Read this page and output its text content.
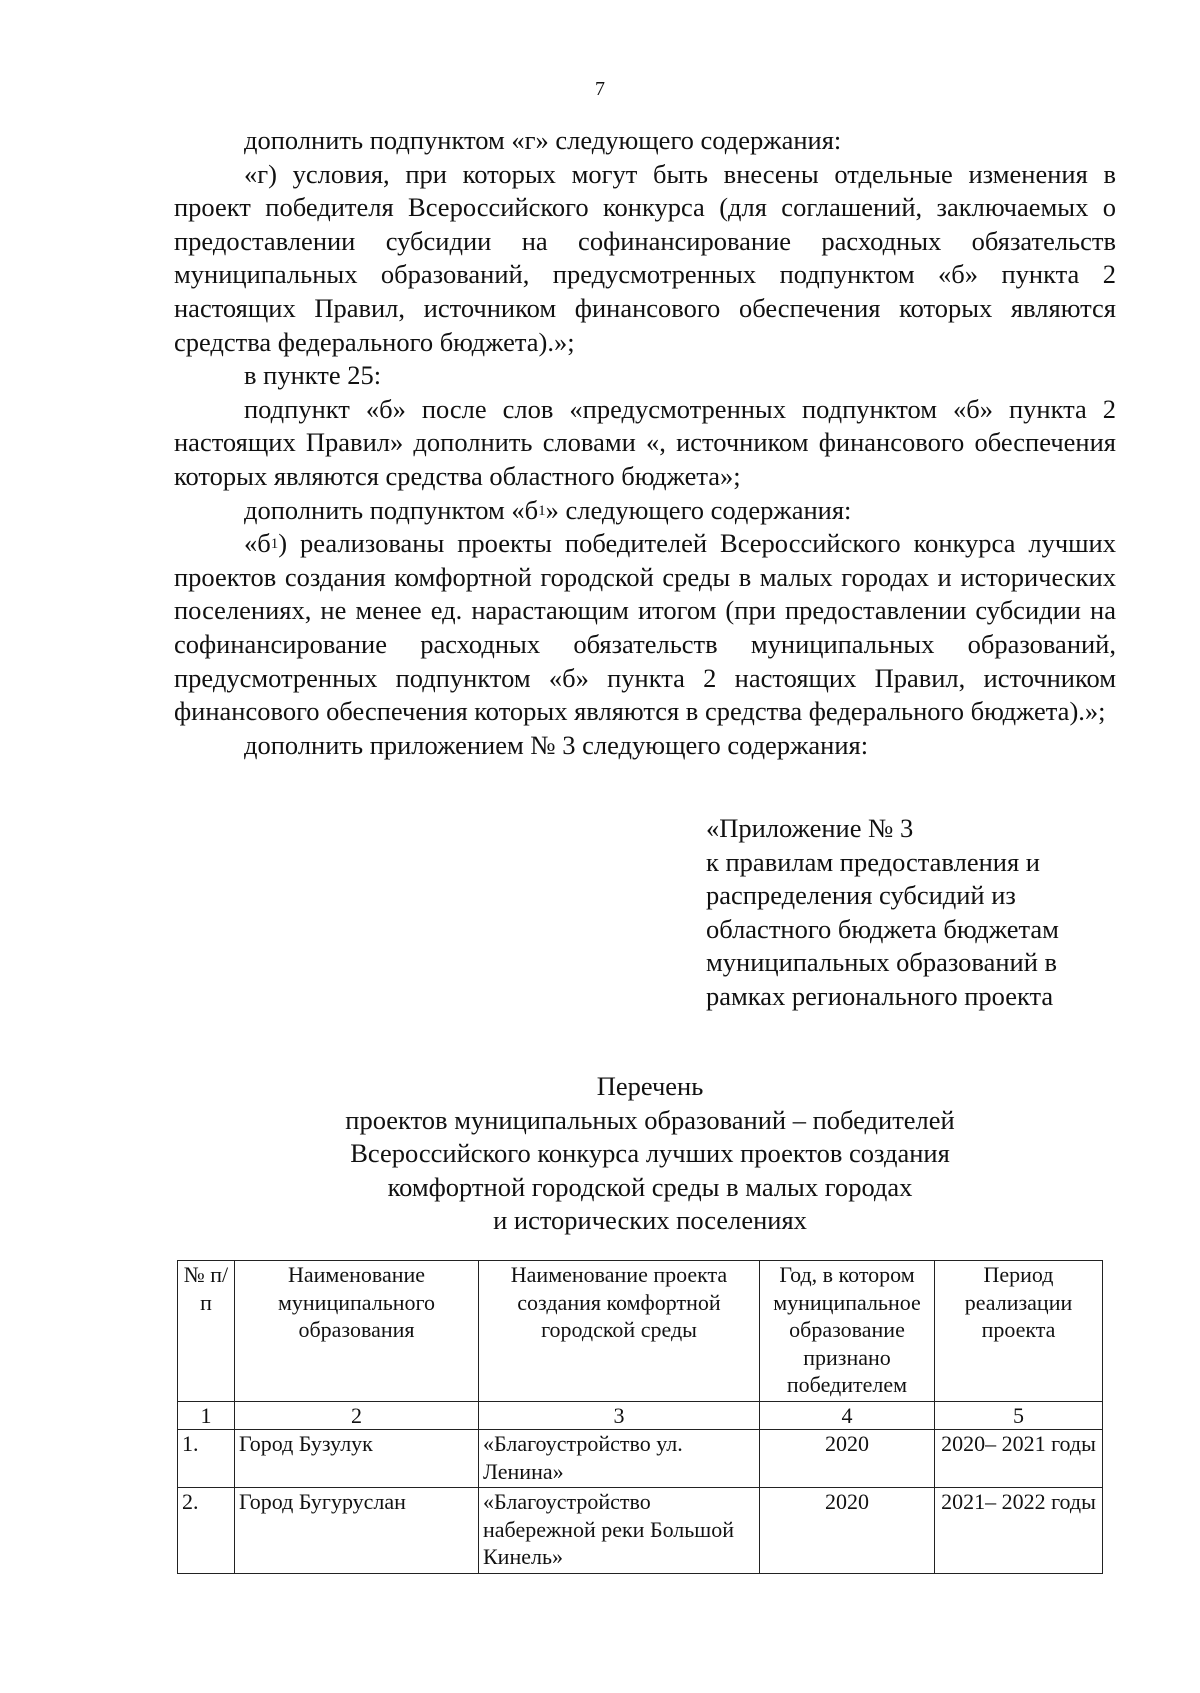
7

дополнить подпунктом «г» следующего содержания:

«г) условия, при которых могут быть внесены отдельные изменения в проект победителя Всероссийского конкурса (для соглашений, заключаемых о предоставлении субсидии на софинансирование расходных обязательств муниципальных образований, предусмотренных подпунктом «б» пункта 2 настоящих Правил, источником финансового обеспечения которых являются средства федерального бюджета).»;

в пункте 25:

подпункт «б» после слов «предусмотренных подпунктом «б» пункта 2 настоящих Правил» дополнить словами «, источником финансового обеспечения которых являются средства областного бюджета»;

дополнить подпунктом «$б^1$» следующего содержания:

«$б^1$) реализованы проекты победителей Всероссийского конкурса лучших проектов создания комфортной городской среды в малых городах и исторических поселениях, не менее ед. нарастающим итогом (при предоставлении субсидии на софинансирование расходных обязательств муниципальных образований, предусмотренных подпунктом «б» пункта 2 настоящих Правил, источником финансового обеспечения которых являются в средства федерального бюджета).»;

дополнить приложением № 3 следующего содержания:

«Приложение № 3
к правилам предоставления и
распределения субсидий из
областного бюджета бюджетам
муниципальных образований в
рамках регионального проекта
Перечень
проектов муниципальных образований – победителей
Всероссийского конкурса лучших проектов создания
комфортной городской среды в малых городах
и исторических поселениях
№ п/п	Наименование муниципального образования	Наименование проекта создания комфортной городской среды	Год, в котором муниципальное образование признано победителем	Период реализации проекта
1	2	3	4	5
1.	Город Бузулук	«Благоустройство ул. Ленина»	2020	2020– 2021 годы
2.	Город Бугуруслан	«Благоустройство набережной реки Большой Кинель»	2020	2021– 2022 годы
